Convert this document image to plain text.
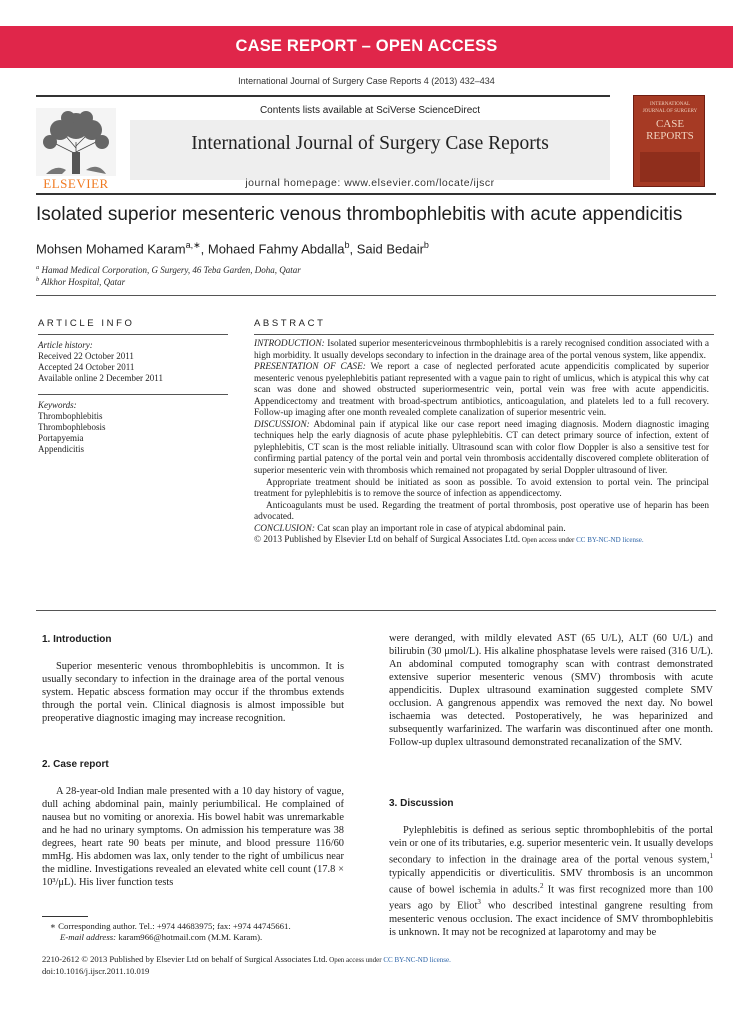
CASE REPORT – OPEN ACCESS
International Journal of Surgery Case Reports 4 (2013) 432–434
ELSEVIER
Contents lists available at SciVerse ScienceDirect
International Journal of Surgery Case Reports
journal homepage: www.elsevier.com/locate/ijscr
INTERNATIONAL
JOURNAL OF SURGERY
CASE
REPORTS
Isolated superior mesenteric venous thrombophlebitis with acute appendicitis
Mohsen Mohamed Karam$^{a,∗}$, Mohaed Fahmy Abdalla$^b$, Said Bedair$^b$
$^a$ Hamad Medical Corporation, G Surgery, 46 Teba Garden, Doha, Qatar
$^b$ Alkhor Hospital, Qatar
ARTICLE INFO
Article history:
Received 22 October 2011
Accepted 24 October 2011
Available online 2 December 2011
Keywords:
Thrombophlebitis
Thrombophlebosis
Portapyemia
Appendicitis
ABSTRACT

INTRODUCTION: Isolated superior mesentericveinous thrmbophlebitis is a rarely recognised condition associated with a high morbidity. It usually develops secondary to infection in the drainage area of the portal venous system, like appendix.

PRESENTATION OF CASE: We report a case of neglected perforated acute appendicitis complicated by superior mesenteric venous pyelephlebitis patiant represented with a vague pain to right of umlicus, which is atypical this why cat scan was done and showed obstructed superiormesentric vein, portal vein was free with acute appendicitis. Appendicectomy and treatment with broad-spectrum antibiotics, anticoagulation, and platelets led to a full recovery. Follow-up imaging after one month revealed complete canalization of superior mesentric vein.

DISCUSSION: Abdominal pain if atypical like our case report need imaging diagnosis. Modern diagnostic imaging techniques help the early diagnosis of acute phase pylephlebitis. CT can detect primary source of infection, extent of pylephlebitis, CT scan is the most reliable initially. Ultrasound scan with color flow Doppler is also a sensitive test for confirming partial patency of the portal vein and portal vein thrombosis accidentally discovered complete obliteration of superior mesenteric vein with thrombosis which remained not propagated by serial Doppler ultrasound of liver.

Appropriate treatment should be initiated as soon as possible. To avoid extension to portal vein. The principal treatment for pylephlebitis is to remove the source of infection as appendicectomy.

Anticoagulants must be used. Regarding the treatment of portal thrombosis, post operative use of heparin has been advocated.

CONCLUSION: Cat scan play an important role in case of atypical abdominal pain.

© 2013 Published by Elsevier Ltd on behalf of Surgical Associates Ltd. Open access under CC BY-NC-ND license.

1. Introduction

Superior mesenteric venous thrombophlebitis is uncommon. It is usually secondary to infection in the drainage area of the portal venous system. Hepatic abscess formation may occur if the thrombus extends through the portal vein. Clinical diagnosis is almost impossible but preoperative diagnostic imaging may increase recognition.

2. Case report

A 28-year-old Indian male presented with a 10 day history of vague, dull aching abdominal pain, mainly periumbilical. He complained of nausea but no vomiting or anorexia. His bowel habit was unremarkable and he had no urinary symptoms. On admission his temperature was 38 degrees, heart rate 90 beats per minute, and blood pressure 116/60 mmHg. His abdomen was lax, only tender to the right of umbilicus near the midline. Investigations revealed an elevated white cell count (17.8 × 10³/μL). His liver function tests

∗ Corresponding author. Tel.: +974 44683975; fax: +974 44745661.
E-mail address: karam966@hotmail.com (M.M. Karam).

were deranged, with mildly elevated AST (65 U/L), ALT (60 U/L) and bilirubin (30 μmol/L). His alkaline phosphatase levels were raised (316 U/L). An abdominal computed tomography scan with contrast demonstrated extensive superior mesenteric venous (SMV) thrombosis with acute appendicitis. Duplex ultrasound examination suggested complete SMV occlusion. A gangrenous appendix was removed the next day. No bowel ischaemia was detected. Postoperatively, he was heparinized and subsequently warfarinized. The warfarin was discontinued after one month. Follow-up duplex ultrasound demonstrated recanalization of the SMV.

3. Discussion

Pylephlebitis is defined as serious septic thrombophlebitis of the portal vein or one of its tributaries, e.g. superior mesenteric vein. It usually develops secondary to infection in the drainage area of the portal venous system,$^1$ typically appendicitis or diverticulitis. SMV thrombosis is an uncommon cause of bowel ischemia in adults.$^2$ It was first recognized more than 100 years ago by Eliot$^3$ who described intestinal gangrene resulting from mesenteric venous occlusion. The exact incidence of SMV thrombophlebitis is unknown. It may not be recognized at laparotomy and may be

2210-2612 © 2013 Published by Elsevier Ltd on behalf of Surgical Associates Ltd. Open access under CC BY-NC-ND license.
doi:10.1016/j.ijscr.2011.10.019
